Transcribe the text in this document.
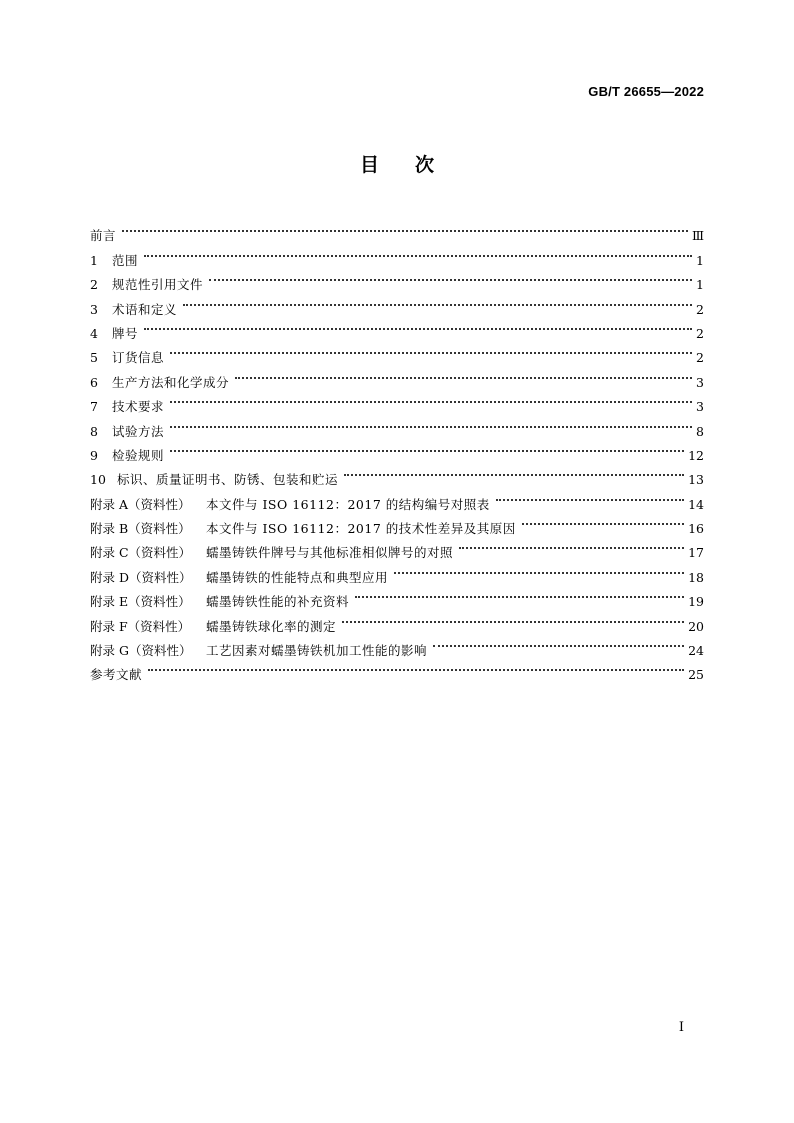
GB/T 26655—2022
目次
前言	Ⅲ
1	范围	1
2	规范性引用文件	1
3	术语和定义	2
4	牌号	2
5	订货信息	2
6	生产方法和化学成分	3
7	技术要求	3
8	试验方法	8
9	检验规则	12
10 标识、质量证明书、防锈、包装和贮运	13
附录 A（资料性）	本文件与 ISO 16112：2017 的结构编号对照表	14
附录 B（资料性）	本文件与 ISO 16112：2017 的技术性差异及其原因	16
附录 C（资料性）	蠕墨铸铁件牌号与其他标准相似牌号的对照	17
附录 D（资料性）	蠕墨铸铁的性能特点和典型应用	18
附录 E（资料性）	蠕墨铸铁性能的补充资料	19
附录 F（资料性）	蠕墨铸铁球化率的测定	20
附录 G（资料性）	工艺因素对蠕墨铸铁机加工性能的影响	24
参考文献	25
I
